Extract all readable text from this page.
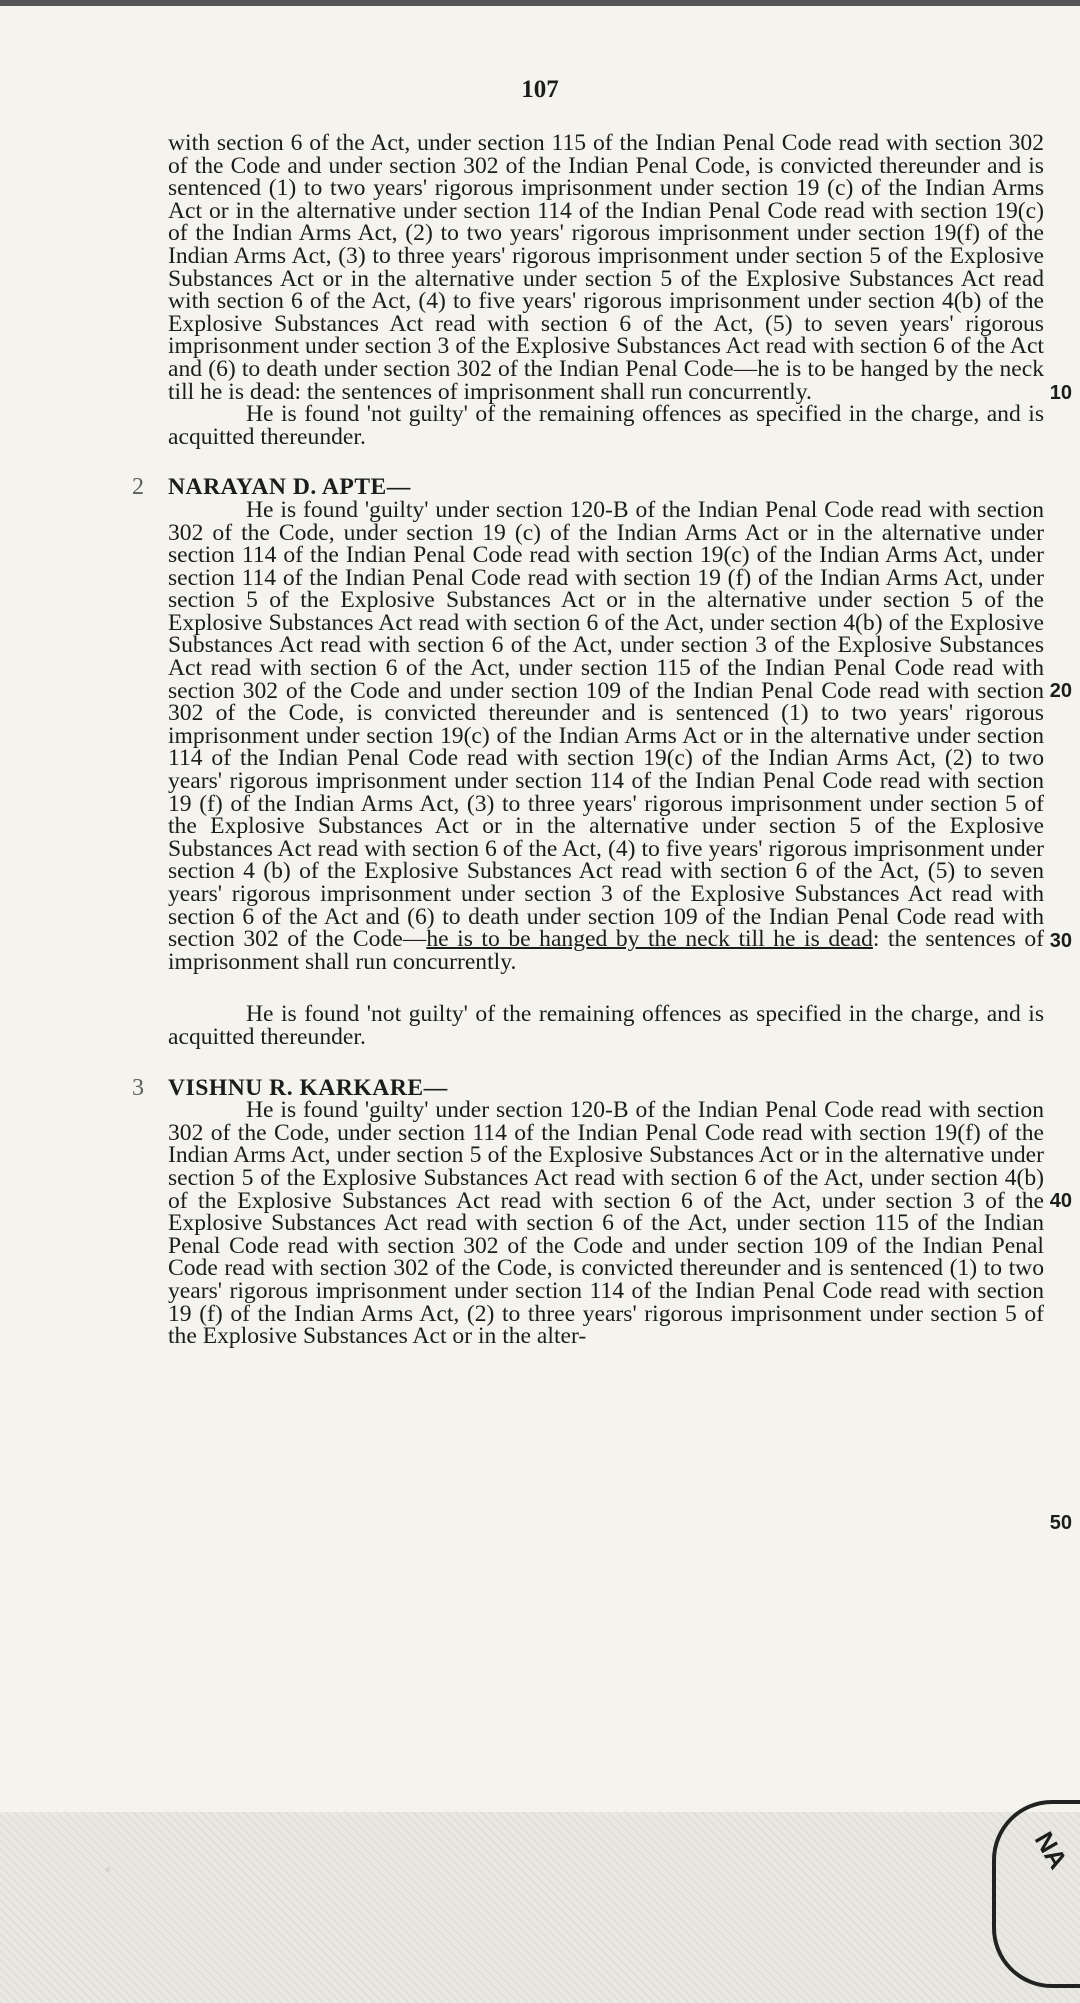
107

with section 6 of the Act, under section 115 of the Indian Penal Code read with section 302 of the Code and under section 302 of the Indian Penal Code, is convicted thereunder and is sentenced (1) to two years' rigorous imprisonment under section 19 (c) of the Indian Arms Act or in the alternative under section 114 of the Indian Penal Code read with section 19(c) of the Indian Arms Act, (2) to two years' rigorous imprisonment under section 19(f) of the Indian Arms Act, (3) to three years' rigorous imprisonment under section 5 of the Explosive Substances Act or in the alternative under section 5 of the Explosive Substances Act read with section 6 of the Act, (4) to five years' rigorous imprisonment under section 4(b) of the Explosive Substances Act read with section 6 of the Act, (5) to seven years' rigorous imprisonment under section 3 of the Explosive Substances Act read with section 6 of the Act and (6) to death under section 302 of the Indian Penal Code—he is to be hanged by the neck till he is dead: the sentences of imprisonment shall run concurrently.

He is found 'not guilty' of the remaining offences as specified in the charge, and is acquitted thereunder.

2 NARAYAN D. APTE—

He is found 'guilty' under section 120-B of the Indian Penal Code read with section 302 of the Code, under section 19 (c) of the Indian Arms Act or in the alternative under section 114 of the Indian Penal Code read with section 19(c) of the Indian Arms Act, under section 114 of the Indian Penal Code read with section 19 (f) of the Indian Arms Act, under section 5 of the Explosive Substances Act or in the alternative under section 5 of the Explosive Substances Act read with section 6 of the Act, under section 4(b) of the Explosive Substances Act read with section 6 of the Act, under section 3 of the Explosive Substances Act read with section 6 of the Act, under section 115 of the Indian Penal Code read with section 302 of the Code and under section 109 of the Indian Penal Code read with section 302 of the Code, is convicted thereunder and is sentenced (1) to two years' rigorous imprisonment under section 19(c) of the Indian Arms Act or in the alternative under section 114 of the Indian Penal Code read with section 19(c) of the Indian Arms Act, (2) to two years' rigorous imprisonment under section 114 of the Indian Penal Code read with section 19 (f) of the Indian Arms Act, (3) to three years' rigorous imprisonment under section 5 of the Explosive Substances Act or in the alternative under section 5 of the Explosive Substances Act read with section 6 of the Act, (4) to five years' rigorous imprisonment under section 4 (b) of the Explosive Substances Act read with section 6 of the Act, (5) to seven years' rigorous imprisonment under section 3 of the Explosive Substances Act read with section 6 of the Act and (6) to death under section 109 of the Indian Penal Code read with section 302 of the Code—he is to be hanged by the neck till he is dead: the sentences of imprisonment shall run concurrently.

He is found 'not guilty' of the remaining offences as specified in the charge, and is acquitted thereunder.

3 VISHNU R. KARKARE—

He is found 'guilty' under section 120-B of the Indian Penal Code read with section 302 of the Code, under section 114 of the Indian Penal Code read with section 19(f) of the Indian Arms Act, under section 5 of the Explosive Substances Act or in the alternative under section 5 of the Explosive Substances Act read with section 6 of the Act, under section 4(b) of the Explosive Substances Act read with section 6 of the Act, under section 3 of the Explosive Substances Act read with section 6 of the Act, under section 115 of the Indian Penal Code read with section 302 of the Code and under section 109 of the Indian Penal Code read with section 302 of the Code, is convicted thereunder and is sentenced (1) to two years' rigorous imprisonment under section 114 of the Indian Penal Code read with section 19 (f) of the Indian Arms Act, (2) to three years' rigorous imprisonment under section 5 of the Explosive Substances Act or in the alter-

10
20
30
40
50
NA
